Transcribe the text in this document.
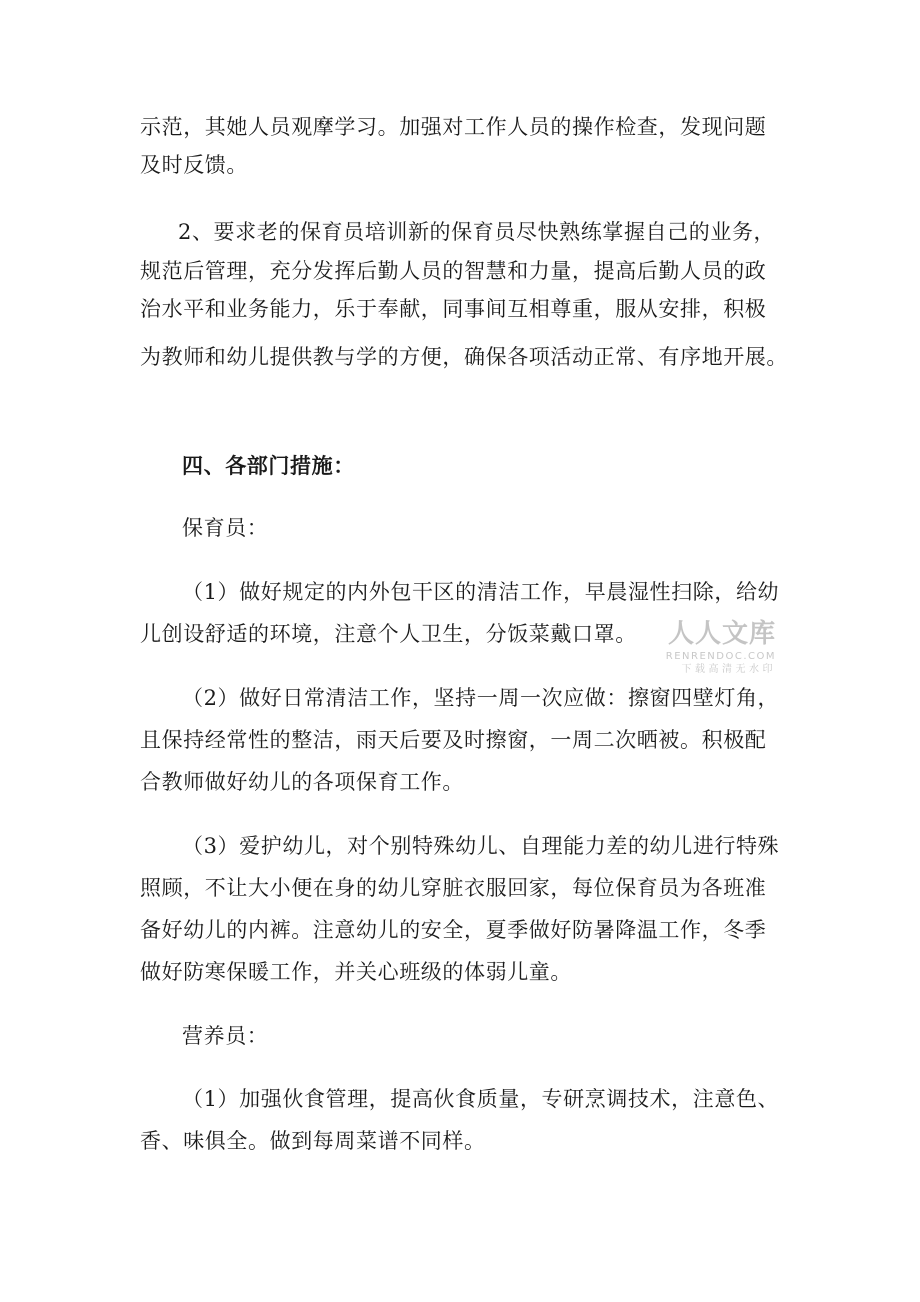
示范，其她人员观摩学习。加强对工作人员的操作检查，发现问题
及时反馈。
2、要求老的保育员培训新的保育员尽快熟练掌握自己的业务，
规范后管理，充分发挥后勤人员的智慧和力量，提高后勤人员的政
治水平和业务能力，乐于奉献，同事间互相尊重，服从安排，积极
为教师和幼儿提供教与学的方便，确保各项活动正常、有序地开展。
四、各部门措施：
保育员：
（1）做好规定的内外包干区的清洁工作，早晨湿性扫除，给幼
儿创设舒适的环境，注意个人卫生，分饭菜戴口罩。
（2）做好日常清洁工作，坚持一周一次应做：擦窗四壁灯角，
且保持经常性的整洁，雨天后要及时擦窗，一周二次晒被。积极配
合教师做好幼儿的各项保育工作。
（3）爱护幼儿，对个别特殊幼儿、自理能力差的幼儿进行特殊
照顾，不让大小便在身的幼儿穿脏衣服回家，每位保育员为各班准
备好幼儿的内裤。注意幼儿的安全，夏季做好防暑降温工作，冬季
做好防寒保暖工作，并关心班级的体弱儿童。
营养员：
（1）加强伙食管理，提高伙食质量，专研烹调技术，注意色、
香、味俱全。做到每周菜谱不同样。
人人文库
RENRENDOC.COM
下载高清无水印
